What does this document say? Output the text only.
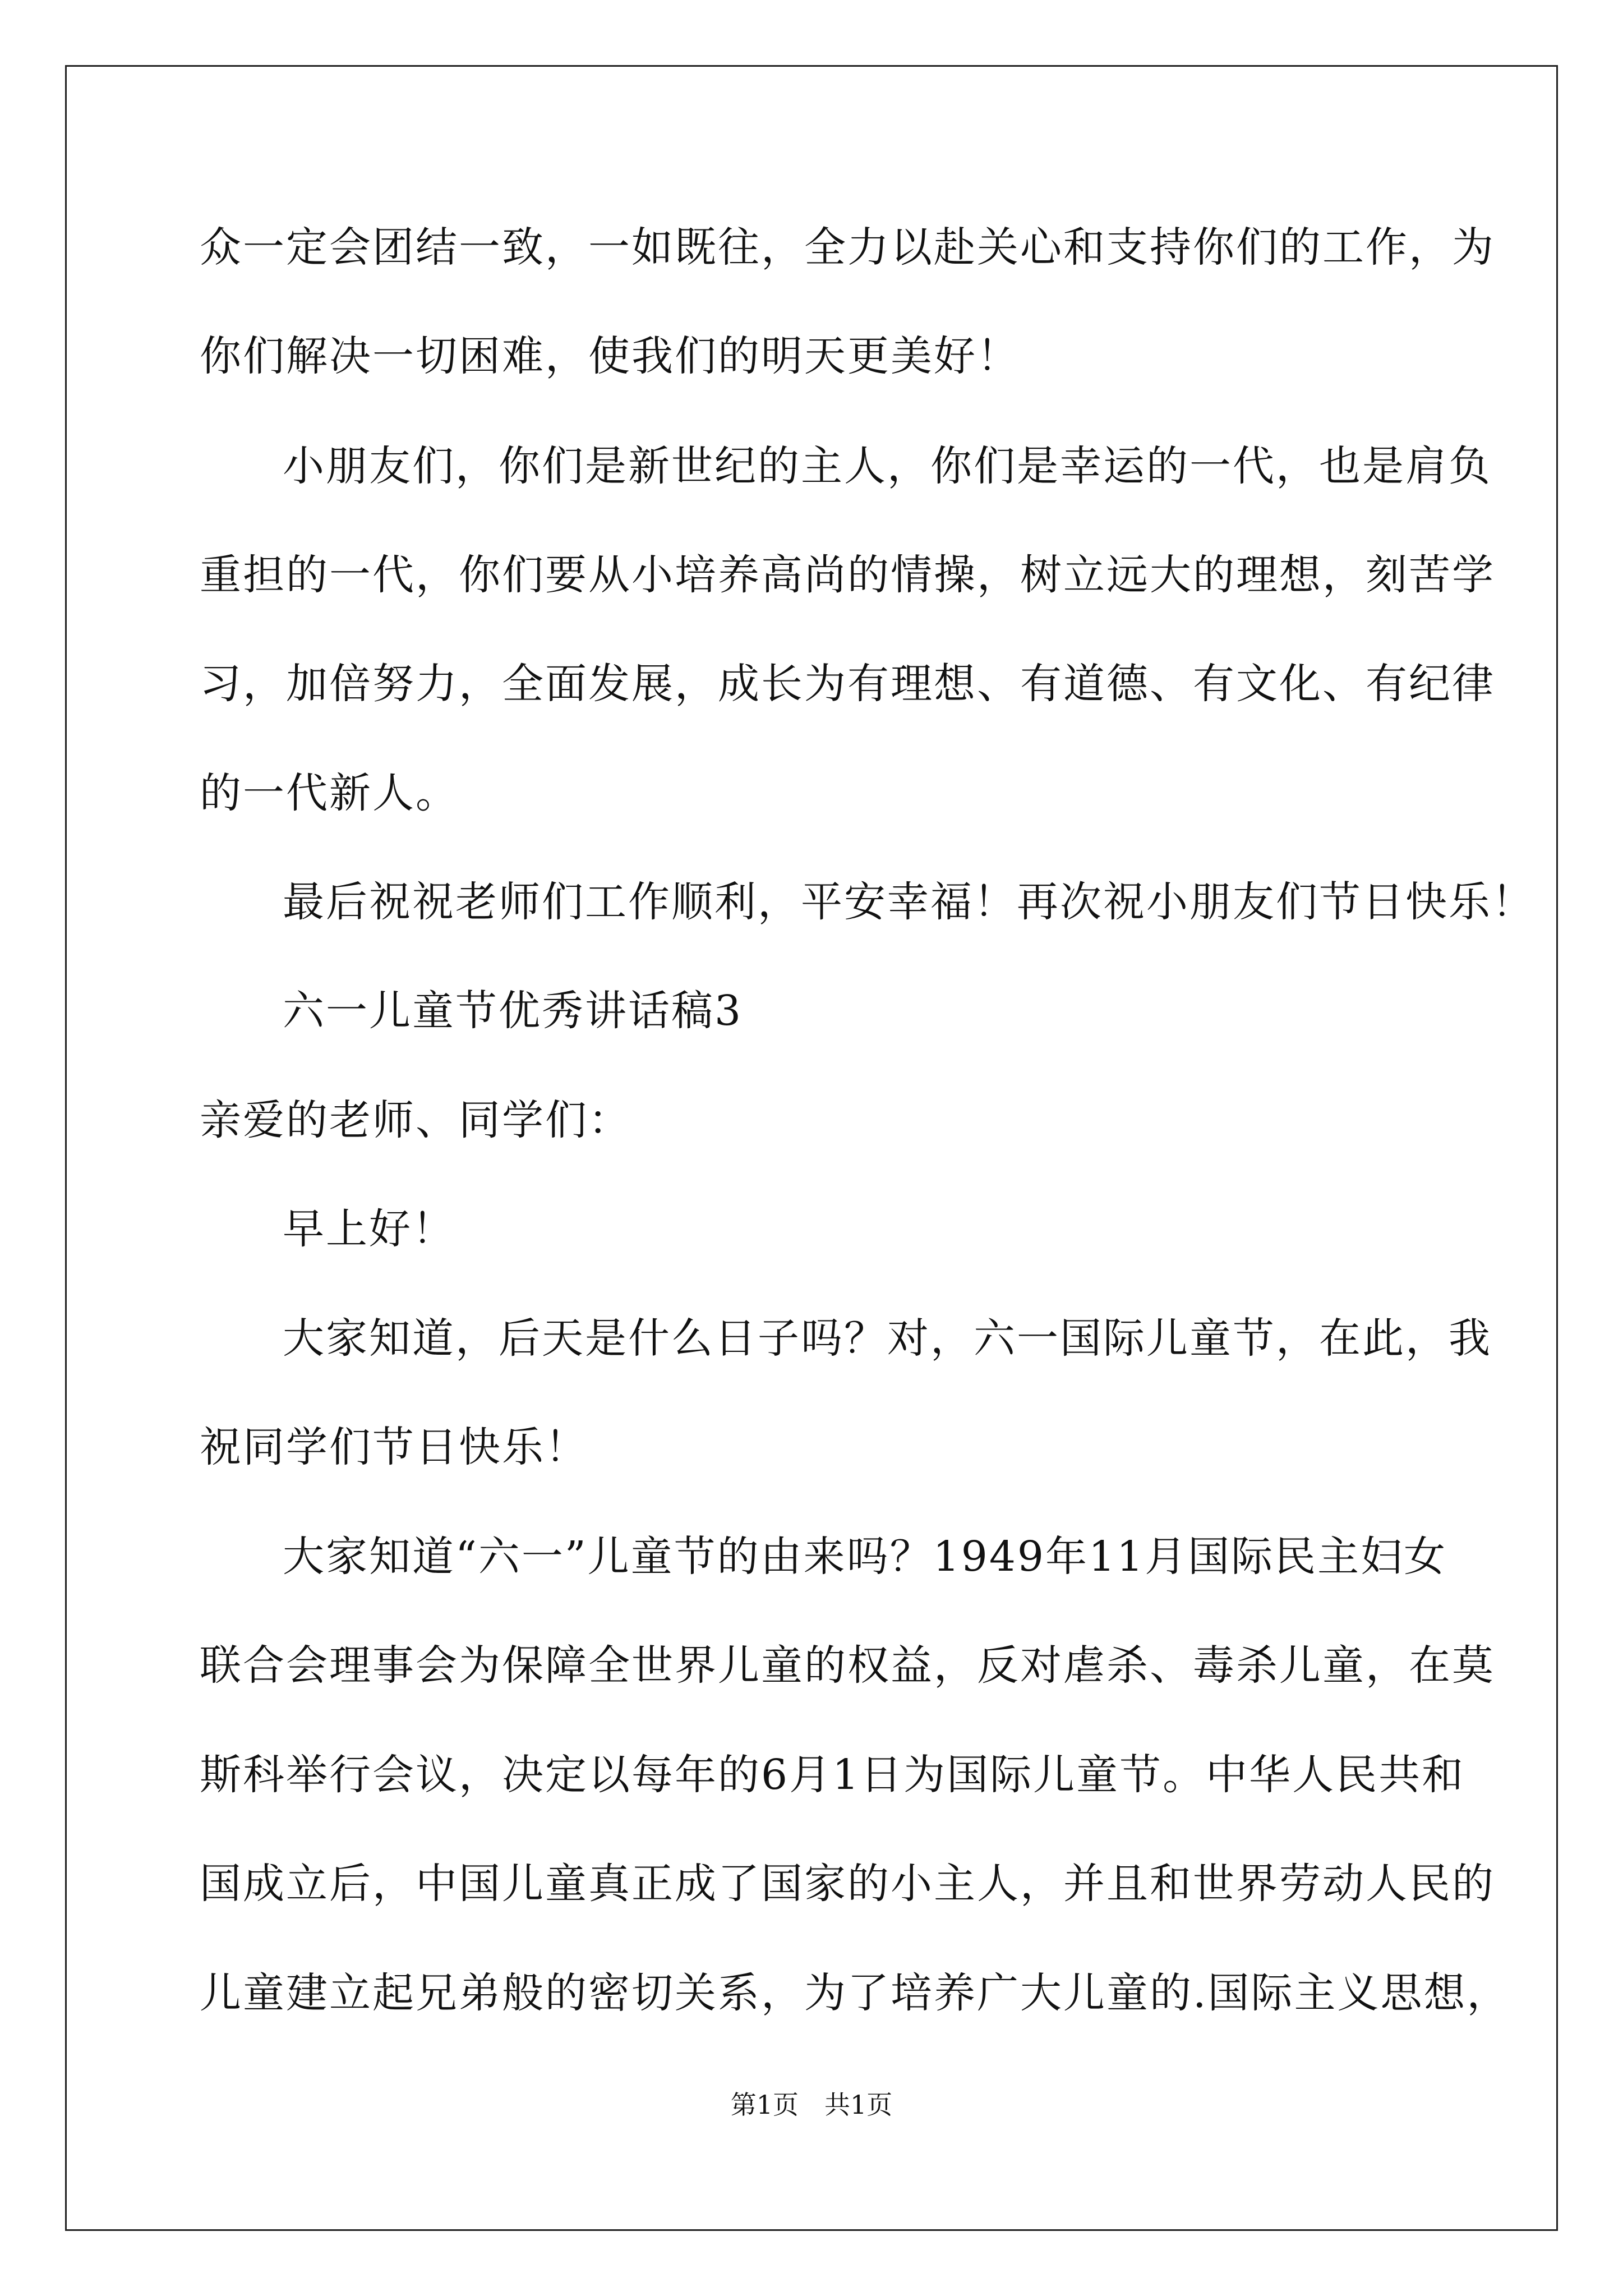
众一定会团结一致，一如既往，全力以赴关心和支持你们的工作，为
你们解决一切困难，使我们的明天更美好！
小朋友们，你们是新世纪的主人，你们是幸运的一代，也是肩负
重担的一代，你们要从小培养高尚的情操，树立远大的理想，刻苦学
习，加倍努力，全面发展，成长为有理想、有道德、有文化、有纪律
的一代新人。
最后祝祝老师们工作顺利，平安幸福！再次祝小朋友们节日快乐！
六一儿童节优秀讲话稿3
亲爱的老师、同学们：
早上好！
大家知道，后天是什么日子吗？对，六一国际儿童节，在此，我
祝同学们节日快乐！
大家知道“六一”儿童节的由来吗？1949年11月国际民主妇女
联合会理事会为保障全世界儿童的权益，反对虐杀、毒杀儿童，在莫
斯科举行会议，决定以每年的6月1日为国际儿童节。中华人民共和
国成立后，中国儿童真正成了国家的小主人，并且和世界劳动人民的
儿童建立起兄弟般的密切关系，为了培养广大儿童的.国际主义思想，
第1页　共1页
